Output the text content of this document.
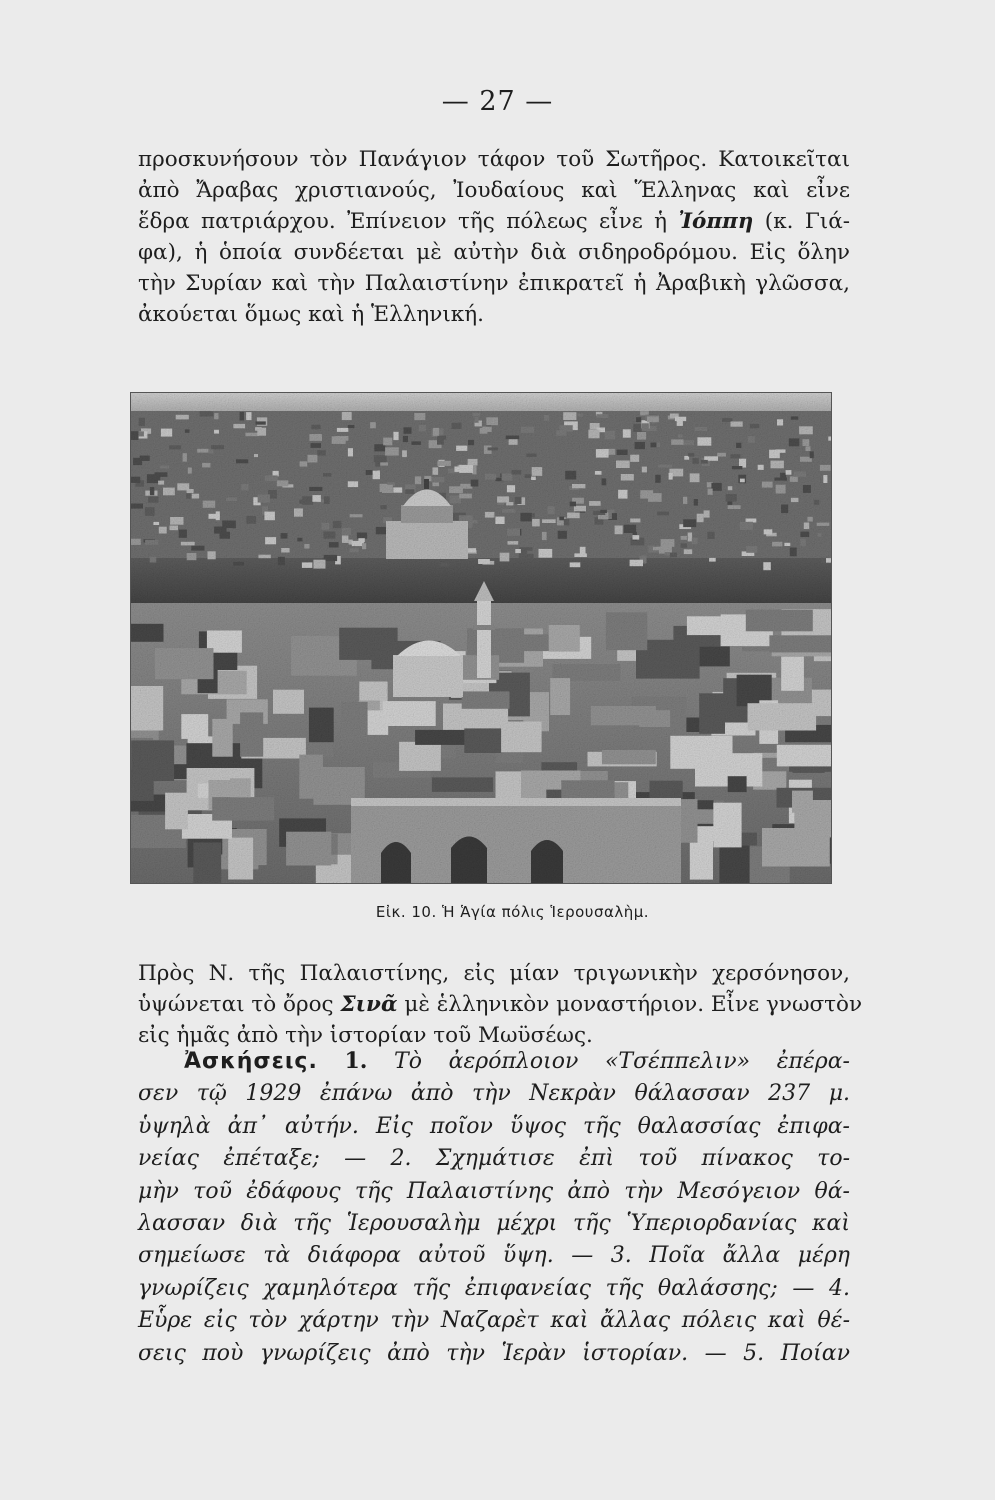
— 27 —
προσκυνήσουν τὸν Πανάγιον τάφον τοῦ Σωτῆρος. Κατοικεῖται
ἀπὸ Ἄραβας χριστιανούς, Ἰουδαίους καὶ Ἕλληνας καὶ εἶνε
ἕδρα πατριάρχου. Ἐπίνειον τῆς πόλεως εἶνε ἡ Ἰόππη (κ. Γιά-
φα), ἡ ὁποία συνδέεται μὲ αὐτὴν διὰ σιδηροδρόμου. Εἰς ὅλην
τὴν Συρίαν καὶ τὴν Παλαιστίνην ἐπικρατεῖ ἡ Ἀραβικὴ γλῶσσα,
ἀκούεται ὅμως καὶ ἡ Ἑλληνική.
Εἰκ. 10. Ἡ Ἁγία πόλις Ἱερουσαλὴμ.
Πρὸς Ν. τῆς Παλαιστίνης, εἰς μίαν τριγωνικὴν χερσόνησον,
ὑψώνεται τὸ ὄρος Σινᾶ μὲ ἑλληνικὸν μοναστήριον. Εἶνε γνωστὸν
εἰς ἡμᾶς ἀπὸ τὴν ἱστορίαν τοῦ Μωϋσέως.
Ἀσκήσεις. 1. Τὸ ἀερόπλοιον «Τσέππελιν» ἐπέρα-
σεν τῷ 1929 ἐπάνω ἀπὸ τὴν Νεκρὰν θάλασσαν 237 μ.
ὑψηλὰ ἀπ᾽ αὐτήν. Εἰς ποῖον ὕψος τῆς θαλασσίας ἐπιφα-
νείας ἐπέταξε; — 2. Σχημάτισε ἐπὶ τοῦ πίνακος το-
μὴν τοῦ ἐδάφους τῆς Παλαιστίνης ἀπὸ τὴν Μεσόγειον θά-
λασσαν διὰ τῆς Ἱερουσαλὴμ μέχρι τῆς Ὑπεριορδανίας καὶ
σημείωσε τὰ διάφορα αὐτοῦ ὕψη. — 3. Ποῖα ἄλλα μέρη
γνωρίζεις χαμηλότερα τῆς ἐπιφανείας τῆς θαλάσσης; — 4.
Εὗρε εἰς τὸν χάρτην τὴν Ναζαρὲτ καὶ ἄλλας πόλεις καὶ θέ-
σεις ποὺ γνωρίζεις ἀπὸ τὴν Ἱερὰν ἱστορίαν. — 5. Ποίαν
